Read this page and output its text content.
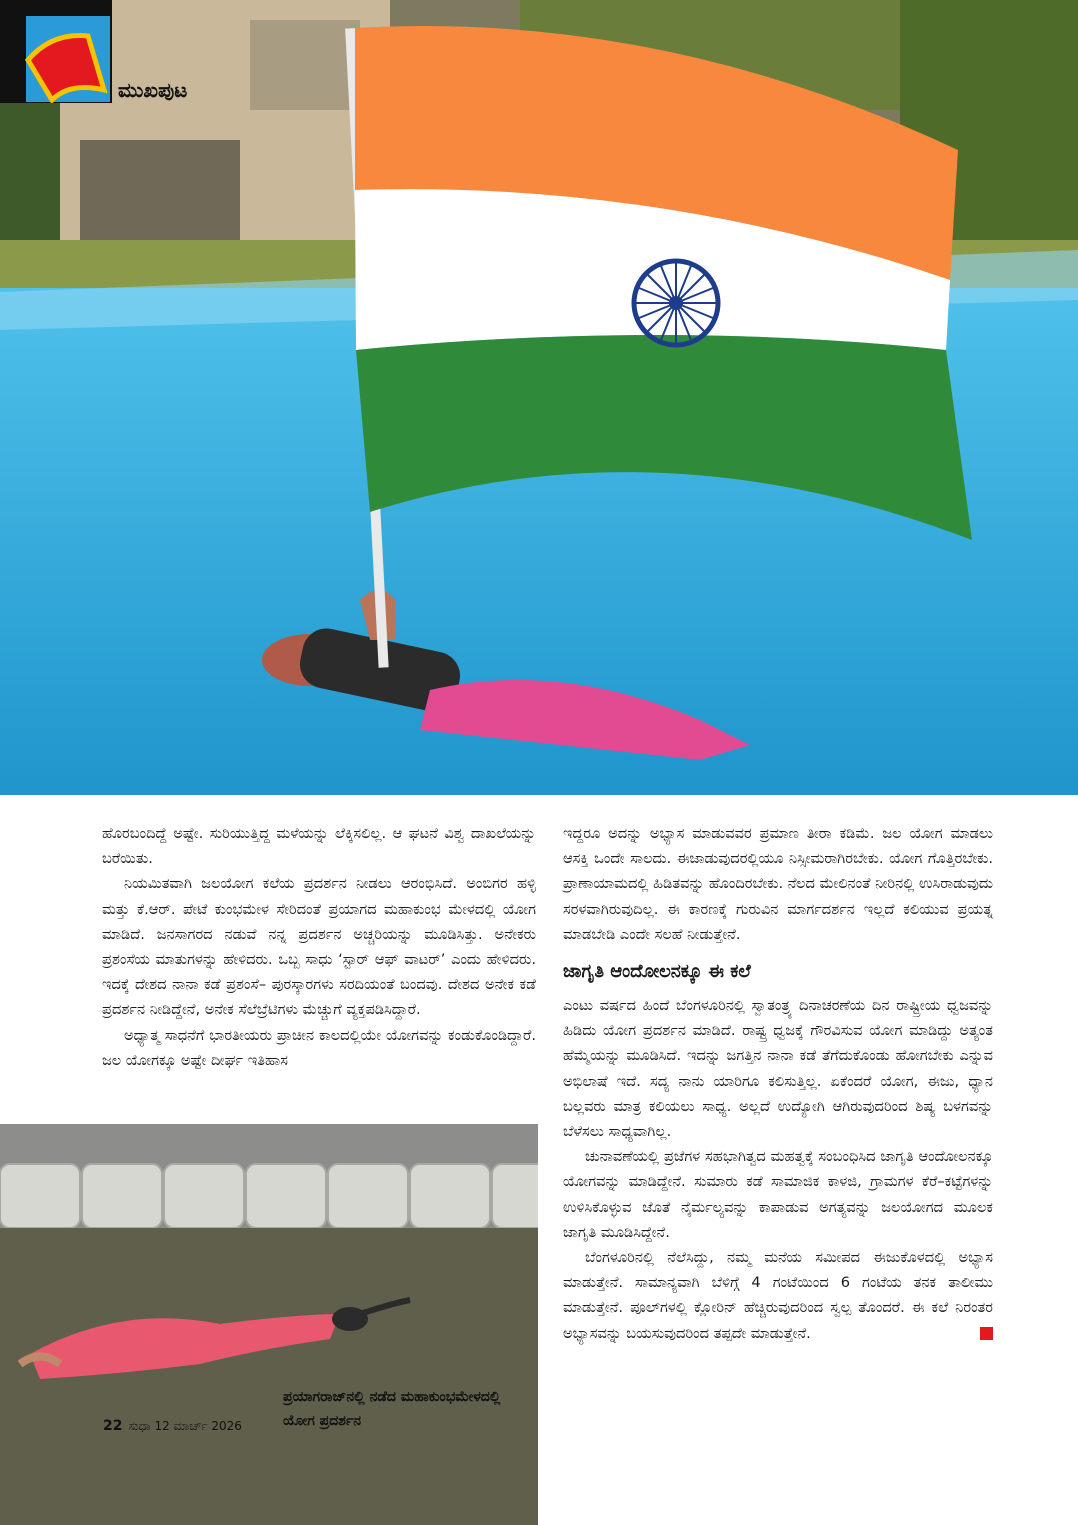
ಮುಖಪುಟ

ಹೊರಬಂದಿದ್ದೆ ಅಷ್ಟೇ. ಸುರಿಯುತ್ತಿದ್ದ ಮಳೆಯನ್ನು ಲೆಕ್ಕಿಸಲಿಲ್ಲ. ಆ ಘಟನೆ ವಿಶ್ವ ದಾಖಲೆಯನ್ನು ಬರೆಯಿತು.

ನಿಯಮಿತವಾಗಿ ಜಲಯೋಗ ಕಲೆಯ ಪ್ರದರ್ಶನ ನೀಡಲು ಆರಂಭಿಸಿದೆ. ಅಂಬಿಗರ ಹಳ್ಳಿ ಮತ್ತು ಕೆ.ಆರ್. ಪೇಟೆ ಕುಂಭಮೇಳ ಸೇರಿದಂತೆ ಪ್ರಯಾಗದ ಮಹಾಕುಂಭ ಮೇಳದಲ್ಲಿ ಯೋಗ ಮಾಡಿದೆ. ಜನಸಾಗರದ ನಡುವೆ ನನ್ನ ಪ್ರದರ್ಶನ ಅಚ್ಚರಿಯನ್ನು ಮೂಡಿಸಿತ್ತು. ಅನೇಕರು ಪ್ರಶಂಸೆಯ ಮಾತುಗಳನ್ನು ಹೇಳಿದರು. ಒಬ್ಬ ಸಾಧು ‘ಸ್ಟಾರ್ ಆಫ್ ವಾಟರ್’ ಎಂದು ಹೇಳಿದರು. ಇದಕ್ಕೆ ದೇಶದ ನಾನಾ ಕಡೆ ಪ್ರಶಂಸೆ– ಪುರಸ್ಕಾರಗಳು ಸರದಿಯಂತೆ ಬಂದವು. ದೇಶದ ಅನೇಕ ಕಡೆ ಪ್ರದರ್ಶನ ನೀಡಿದ್ದೇನೆ, ಅನೇಕ ಸೆಲೆಬ್ರೆಟಿಗಳು ಮೆಚ್ಚುಗೆ ವ್ಯಕ್ತಪಡಿಸಿದ್ದಾರೆ.

ಅಧ್ಯಾತ್ಮ ಸಾಧನೆಗೆ ಭಾರತೀಯರು ಪ್ರಾಚೀನ ಕಾಲದಲ್ಲಿಯೇ ಯೋಗವನ್ನು ಕಂಡುಕೊಂಡಿದ್ದಾರೆ. ಜಲ ಯೋಗಕ್ಕೂ ಅಷ್ಟೇ ದೀರ್ಘ ಇತಿಹಾಸ

ಇದ್ದರೂ ಅದನ್ನು ಅಭ್ಯಾಸ ಮಾಡುವವರ ಪ್ರಮಾಣ ತೀರಾ ಕಡಿಮೆ. ಜಲ ಯೋಗ ಮಾಡಲು ಆಸಕ್ತಿ ಒಂದೇ ಸಾಲದು. ಈಜಾಡುವುದರಲ್ಲಿಯೂ ನಿಸ್ಸೀಮರಾಗಿರಬೇಕು. ಯೋಗ ಗೊತ್ತಿರಬೇಕು. ಪ್ರಾಣಾಯಾಮದಲ್ಲಿ ಹಿಡಿತವನ್ನು ಹೊಂದಿರಬೇಕು. ನೆಲದ ಮೇಲಿನಂತೆ ನೀರಿನಲ್ಲಿ ಉಸಿರಾಡುವುದು ಸರಳವಾಗಿರುವುದಿಲ್ಲ. ಈ ಕಾರಣಕ್ಕೆ ಗುರುವಿನ ಮಾರ್ಗದರ್ಶನ ಇಲ್ಲದೆ ಕಲಿಯುವ ಪ್ರಯತ್ನ ಮಾಡಬೇಡಿ ಎಂದೇ ಸಲಹೆ ನೀಡುತ್ತೇನೆ.

ಜಾಗೃತಿ ಆಂದೋಲನಕ್ಕೂ ಈ ಕಲೆ

ಎಂಟು ವರ್ಷದ ಹಿಂದೆ ಬೆಂಗಳೂರಿನಲ್ಲಿ ಸ್ವಾತಂತ್ರ್ಯ ದಿನಾಚರಣೆಯ ದಿನ ರಾಷ್ಟ್ರೀಯ ಧ್ವಜವನ್ನು ಹಿಡಿದು ಯೋಗ ಪ್ರದರ್ಶನ ಮಾಡಿದೆ. ರಾಷ್ಟ್ರ ಧ್ವಜಕ್ಕೆ ಗೌರವಿಸುವ ಯೋಗ ಮಾಡಿದ್ದು ಅತ್ಯಂತ ಹೆಮ್ಮೆಯನ್ನು ಮೂಡಿಸಿದೆ. ಇದನ್ನು ಜಗತ್ತಿನ ನಾನಾ ಕಡೆ ತೆಗೆದುಕೊಂಡು ಹೋಗಬೇಕು ಎನ್ನುವ ಅಭಿಲಾಷೆ ಇದೆ. ಸದ್ಯ ನಾನು ಯಾರಿಗೂ ಕಲಿಸುತ್ತಿಲ್ಲ. ಏಕೆಂದರೆ ಯೋಗ, ಈಜು, ಧ್ಯಾನ ಬಲ್ಲವರು ಮಾತ್ರ ಕಲಿಯಲು ಸಾಧ್ಯ. ಅಲ್ಲದೆ ಉದ್ಯೋಗಿ ಆಗಿರುವುದರಿಂದ ಶಿಷ್ಯ ಬಳಗವನ್ನು ಬೆಳೆಸಲು ಸಾಧ್ಯವಾಗಿಲ್ಲ.

ಚುನಾವಣೆಯಲ್ಲಿ ಪ್ರಜೆಗಳ ಸಹಭಾಗಿತ್ವದ ಮಹತ್ವಕ್ಕೆ ಸಂಬಂಧಿಸಿದ ಜಾಗೃತಿ ಆಂದೋಲನಕ್ಕೂ ಯೋಗವನ್ನು ಮಾಡಿದ್ದೇನೆ. ಸುಮಾರು ಕಡೆ ಸಾಮಾಜಿಕ ಕಾಳಜಿ, ಗ್ರಾಮಗಳ ಕೆರೆ–ಕಟ್ಟೆಗಳನ್ನು ಉಳಿಸಿಕೊಳ್ಳುವ ಜೊತೆ ನೈರ್ಮಲ್ಯವನ್ನು ಕಾಪಾಡುವ ಅಗತ್ಯವನ್ನು ಜಲಯೋಗದ ಮೂಲಕ ಜಾಗೃತಿ ಮೂಡಿಸಿದ್ದೇನೆ.

ಬೆಂಗಳೂರಿನಲ್ಲಿ ನೆಲೆಸಿದ್ದು, ನಮ್ಮ ಮನೆಯ ಸಮೀಪದ ಈಜುಕೊಳದಲ್ಲಿ ಅಭ್ಯಾಸ ಮಾಡುತ್ತೇನೆ. ಸಾಮಾನ್ಯವಾಗಿ ಬೆಳಿಗ್ಗೆ 4 ಗಂಟೆಯಿಂದ 6 ಗಂಟೆಯ ತನಕ ತಾಲೀಮು ಮಾಡುತ್ತೇನೆ. ಪೂಲ್‌ಗಳಲ್ಲಿ ಕ್ಲೋರಿನ್ ಹೆಚ್ಚಿರುವುದರಿಂದ ಸ್ವಲ್ಪ ತೊಂದರೆ. ಈ ಕಲೆ ನಿರಂತರ ಅಭ್ಯಾಸವನ್ನು ಬಯಸುವುದರಿಂದ ತಪ್ಪದೇ ಮಾಡುತ್ತೇನೆ.

ಪ್ರಯಾಗರಾಜ್‌ನಲ್ಲಿ ನಡೆದ ಮಹಾಕುಂಭಮೇಳದಲ್ಲಿ ಯೋಗ ಪ್ರದರ್ಶನ
22 ಸುಧಾ 12 ಮಾರ್ಚ್ 2026
